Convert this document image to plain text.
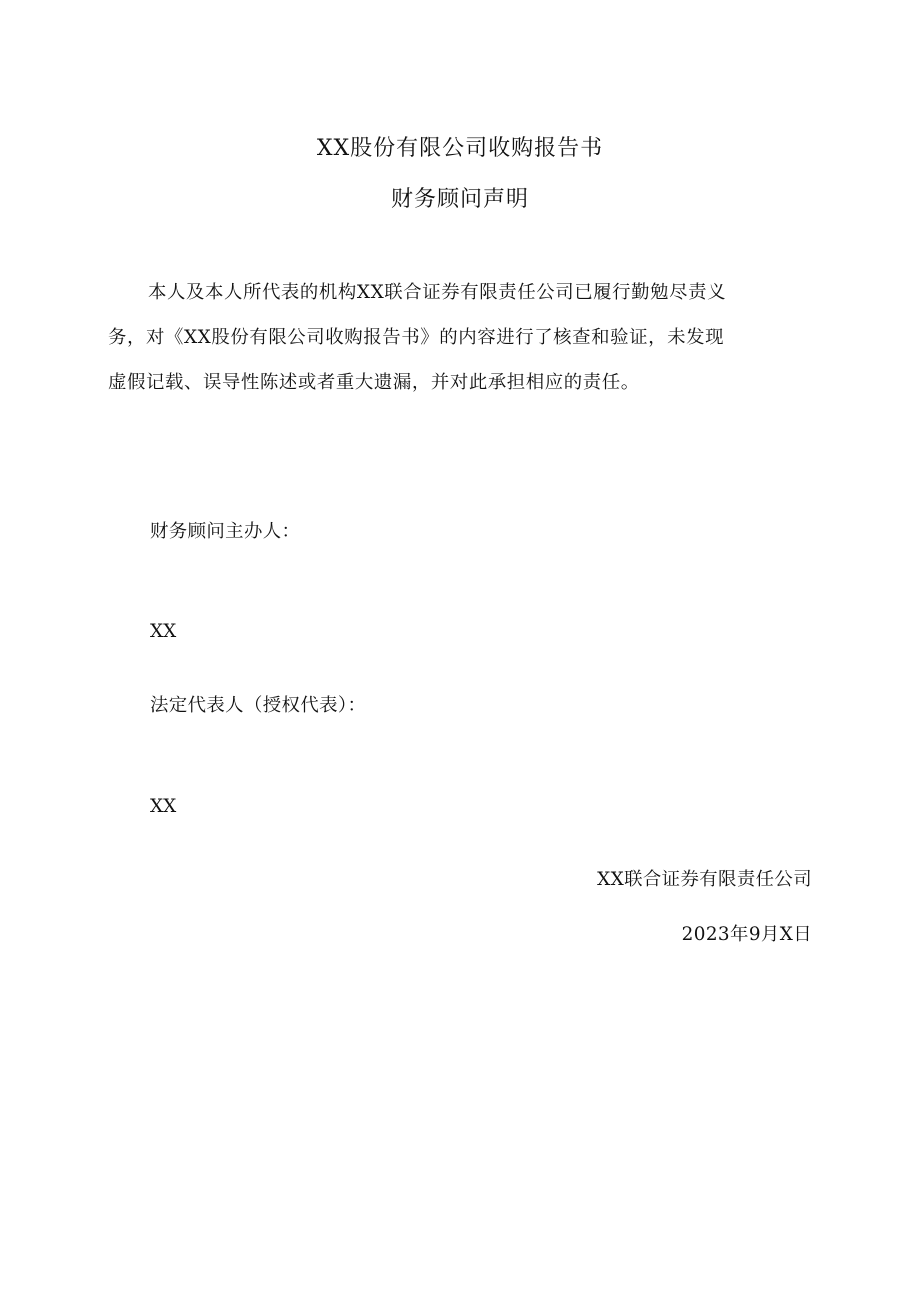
XX股份有限公司收购报告书
财务顾问声明
本人及本人所代表的机构XX联合证券有限责任公司已履行勤勉尽责义
务，对《XX股份有限公司收购报告书》的内容进行了核查和验证，未发现
虚假记载、误导性陈述或者重大遗漏，并对此承担相应的责任。
财务顾问主办人：
XX
法定代表人（授权代表）：
XX
XX联合证券有限责任公司
2023年9月X日
